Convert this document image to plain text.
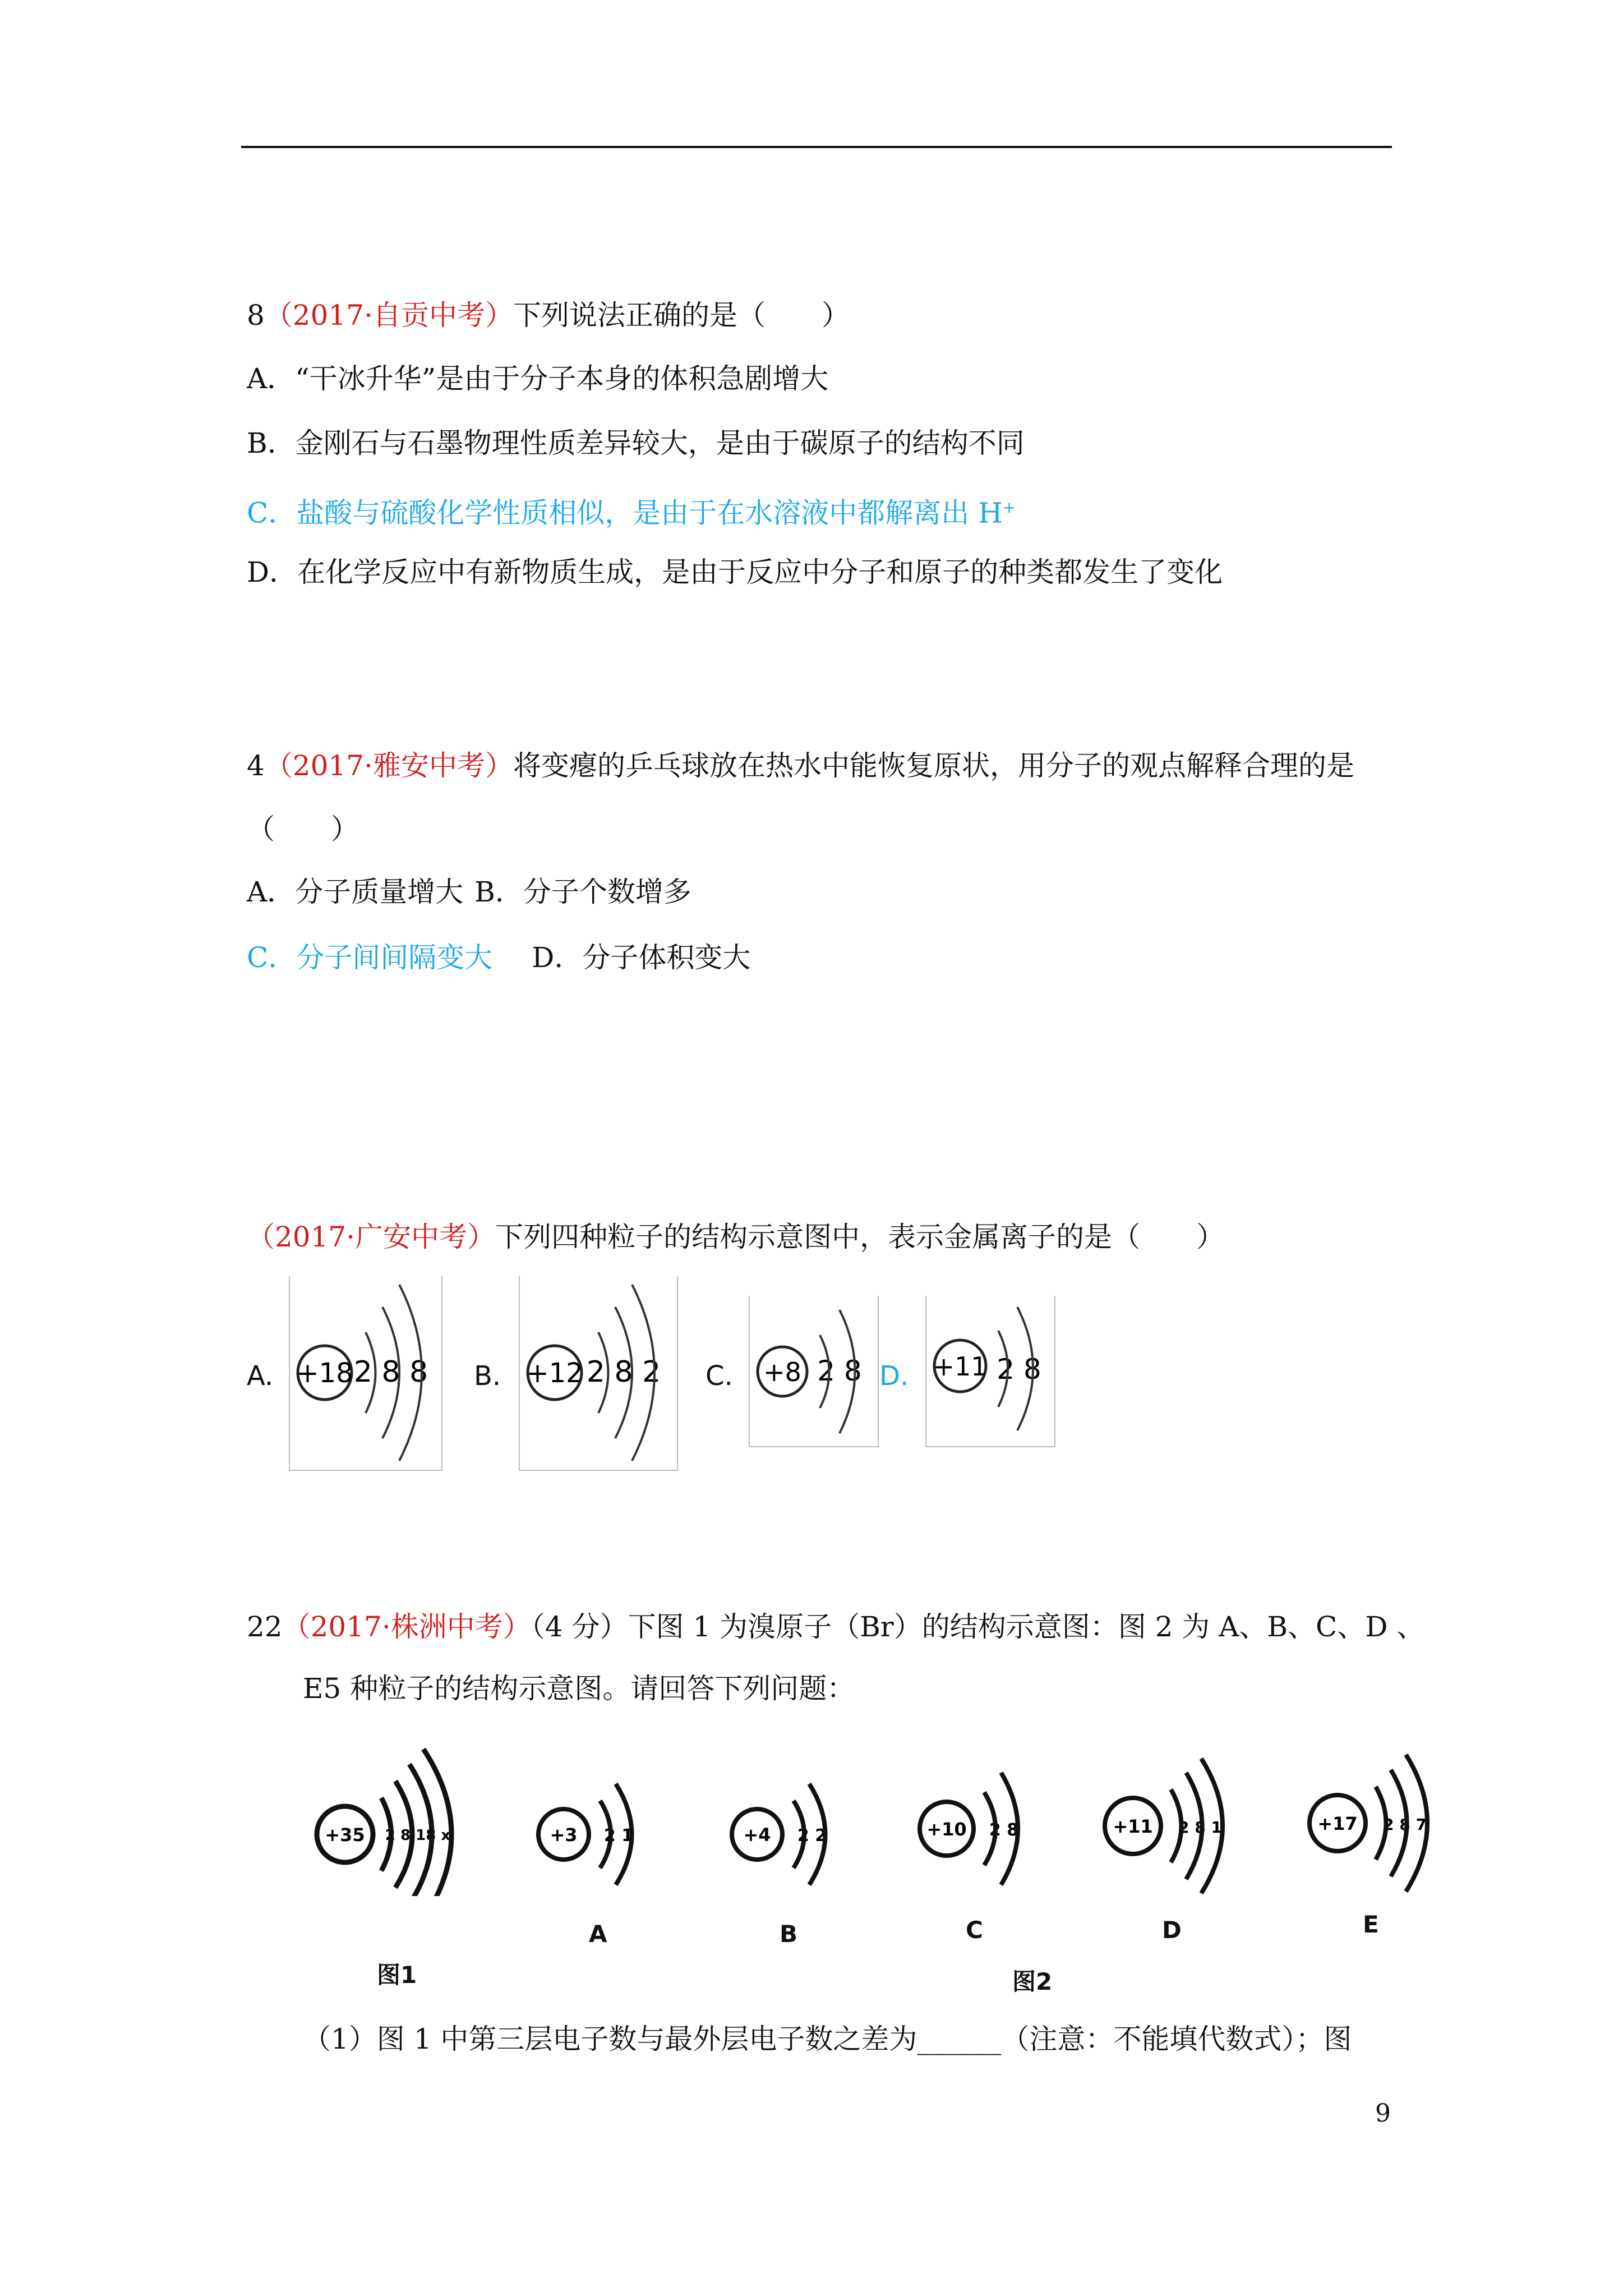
8（2017·自贡中考）下列说法正确的是（　　）
A．“干冰升华”是由于分子本身的体积急剧增大
B．金刚石与石墨物理性质差异较大，是由于碳原子的结构不同
C．盐酸与硫酸化学性质相似，是由于在水溶液中都解离出 H+
D．在化学反应中有新物质生成，是由于反应中分子和原子的种类都发生了变化
4（2017·雅安中考）将变瘪的乒乓球放在热水中能恢复原状，用分子的观点解释合理的是
（　　）
A．分子质量增大 B．分子个数增多
C．分子间间隔变大 D．分子体积变大
（2017·广安中考）下列四种粒子的结构示意图中，表示金属离子的是（　　）
A. +18 2 8 8 B. +12 2 8 2 C. +8 2 8 D. +11 2 8
22（2017·株洲中考）（4 分）下图 1 为溴原子（Br）的结构示意图：图 2 为 A、B、C、D 、
E5 种粒子的结构示意图。请回答下列问题：
+35 2 8 18 x
图1
+3 2 1
A
+4 2 2
B
+10 2 8
C
+11 2 8 1
D
+17 2 8 7
E
图2
（1）图 1 中第三层电子数与最外层电子数之差为______（注意：不能填代数式）；图
9
